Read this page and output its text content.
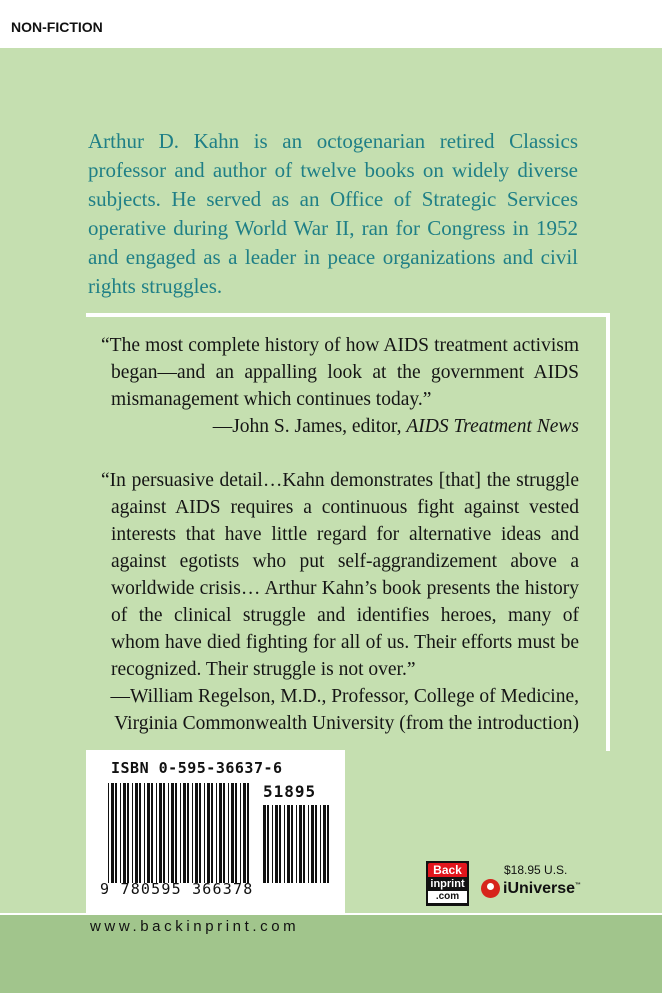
NON-FICTION
Arthur D. Kahn is an octogenarian retired Classics professor and author of twelve books on widely diverse subjects. He served as an Office of Strategic Services operative during World War II, ran for Congress in 1952 and engaged as a leader in peace organizations and civil rights struggles.

“The most complete history of how AIDS treatment activism began—and an appalling look at the government AIDS mismanagement which continues today.”

—John S. James, editor, AIDS Treatment News

“In persuasive detail…Kahn demonstrates [that] the struggle against AIDS requires a continuous fight against vested interests that have little regard for alternative ideas and against egotists who put self-aggrandizement above a worldwide crisis… Arthur Kahn’s book presents the history of the clinical struggle and identifies heroes, many of whom have died fighting for all of us. Their efforts must be recognized. Their struggle is not over.”

—William Regelson, M.D., Professor, College of Medicine,

Virginia Commonwealth University (from the introduction)

ISBN 0-595-36637-6
51895
9 780595 366378
Back
inprint
.com
$18.95 U.S.
iUniverse™
www.backinprint.com
